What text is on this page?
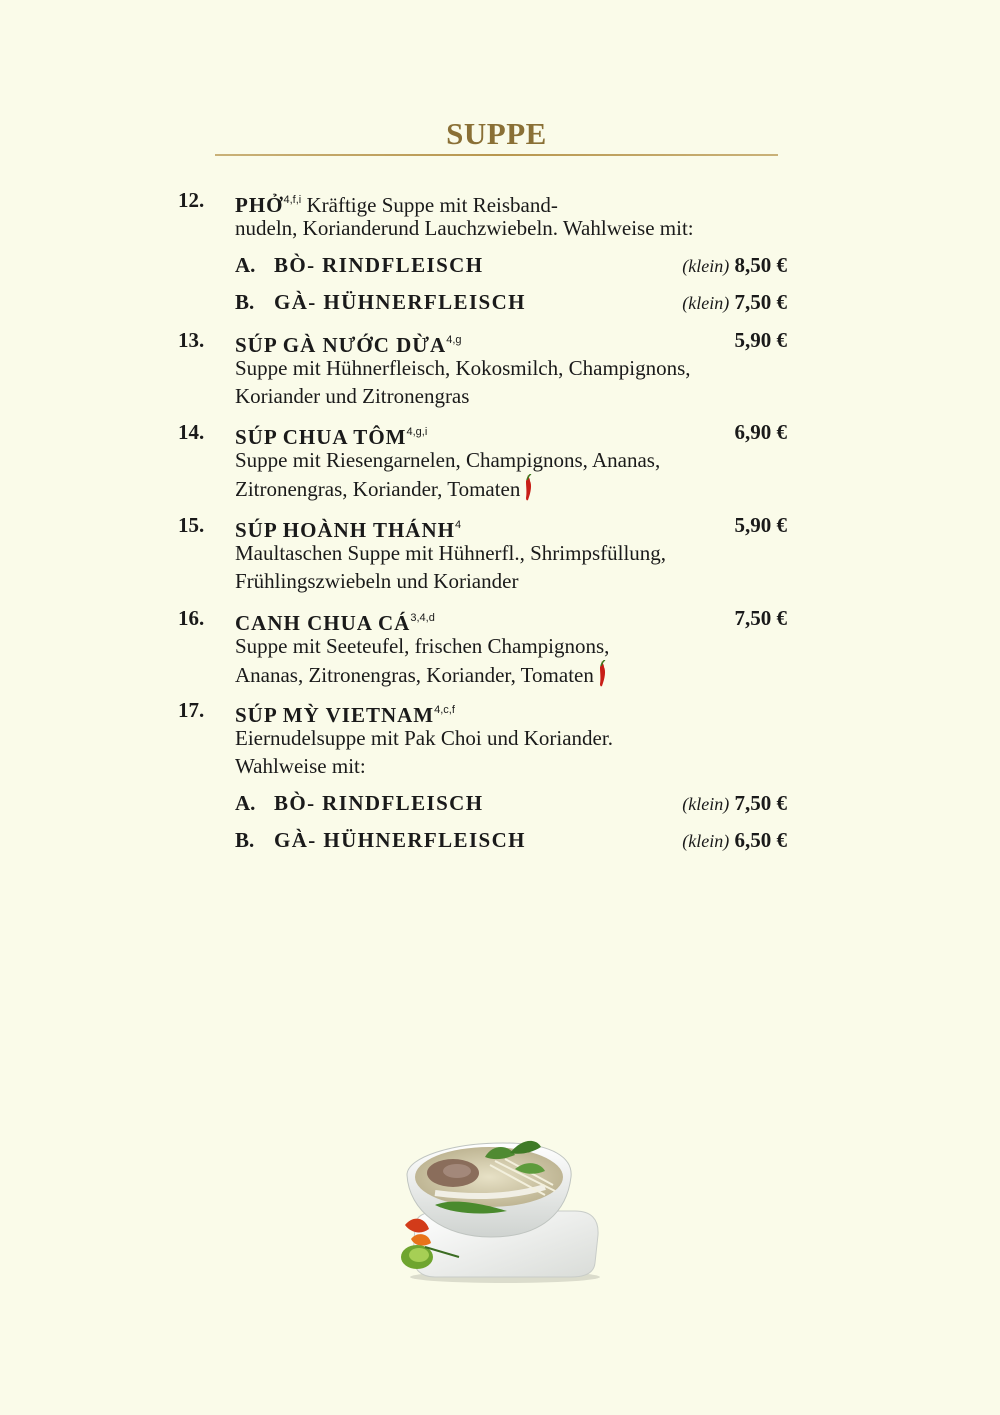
SUPPE
12. PHỞ$^{4,f,i}$ Kräftige Suppe mit Reisband-
nudeln, Korianderund Lauchzwiebeln. Wahlweise mit:
A. BÒ- RINDFLEISCH	(klein) 8,50 €
B. GÀ- HÜHNERFLEISCH	(klein) 7,50 €
13. SÚP GÀ NƯỚC DỪA$^{4,g}$	5,90 €
Suppe mit Hühnerfleisch, Kokosmilch, Champignons,
Koriander und Zitronengras
14. SÚP CHUA TÔM$^{4,g,i}$	6,90 €
Suppe mit Riesengarnelen, Champignons, Ananas,
Zitronengras, Koriander, Tomaten
15. SÚP HOÀNH THÁNH$^4$	5,90 €
Maultaschen Suppe mit Hühnerfl., Shrimpsfüllung,
Frühlingszwiebeln und Koriander
16. CANH CHUA CÁ$^{3,4,d}$	7,50 €
Suppe mit Seeteufel, frischen Champignons,
Ananas, Zitronengras, Koriander, Tomaten
17. SÚP MỲ VIETNAM$^{4,c,f}$
Eiernudelsuppe mit Pak Choi und Koriander.
Wahlweise mit:
A. BÒ- RINDFLEISCH	(klein) 7,50 €
B. GÀ- HÜHNERFLEISCH	(klein) 6,50 €
